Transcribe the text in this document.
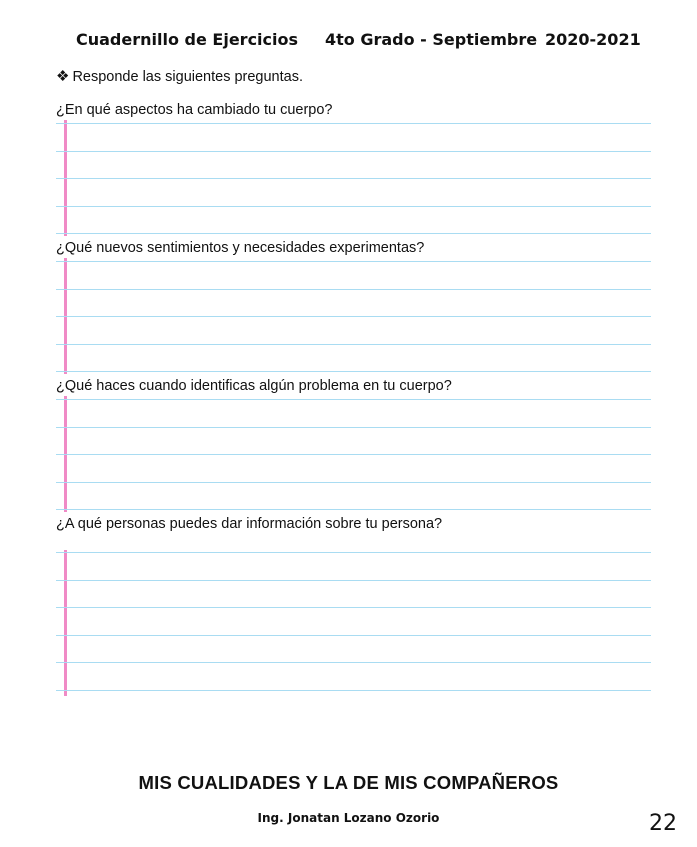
Cuadernillo de Ejercicios 4to Grado - Septiembre 2020-2021
❖ Responde las siguientes preguntas.
¿En qué aspectos ha cambiado tu cuerpo?
¿Qué nuevos sentimientos y necesidades experimentas?
¿Qué haces cuando identificas algún problema en tu cuerpo?
¿A qué personas puedes dar información sobre tu persona?
MIS CUALIDADES Y LA DE MIS COMPAÑEROS
Ing. Jonatan Lozano Ozorio	22
